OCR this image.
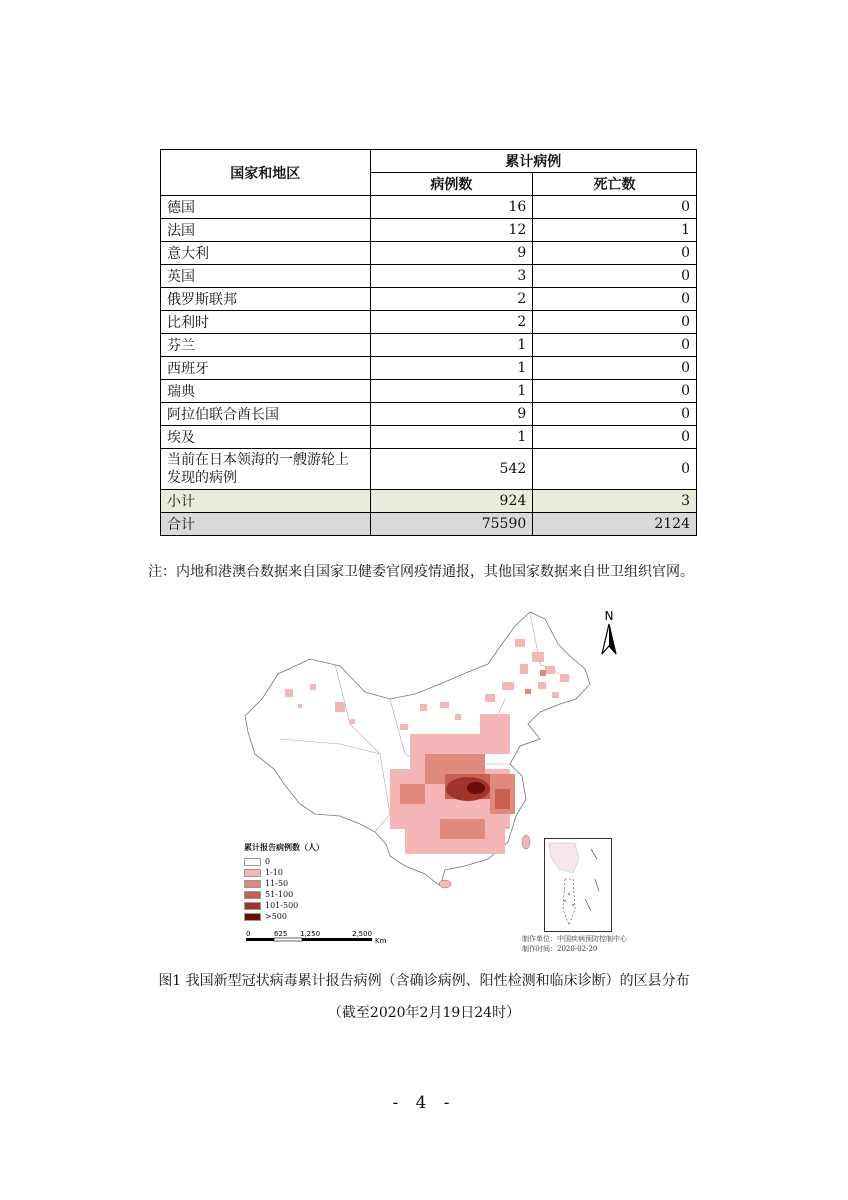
国家和地区	累计病例	
	病例数	死亡数
德国	16	0
法国	12	1
意大利	9	0
英国	3	0
俄罗斯联邦	2	0
比利时	2	0
芬兰	1	0
西班牙	1	0
瑞典	1	0
阿拉伯联合酋长国	9	0
埃及	1	0

当前在日本领海的一艘游轮上
发现的病例	542	0
小计	924	3
合计	75590	2124
注：内地和港澳台数据来自国家卫健委官网疫情通报，其他国家数据来自世卫组织官网。
N
累计报告病例数（人）
0
1-10
11-50
51-100
101-500
>500
0	625 1,250	2,500
Km	制作单位：中国疾病预防控制中心
制作时间：2020-02-20
图1 我国新型冠状病毒累计报告病例（含确诊病例、阳性检测和临床诊断）的区县分布
（截至2020年2月19日24时）
- 4 -
